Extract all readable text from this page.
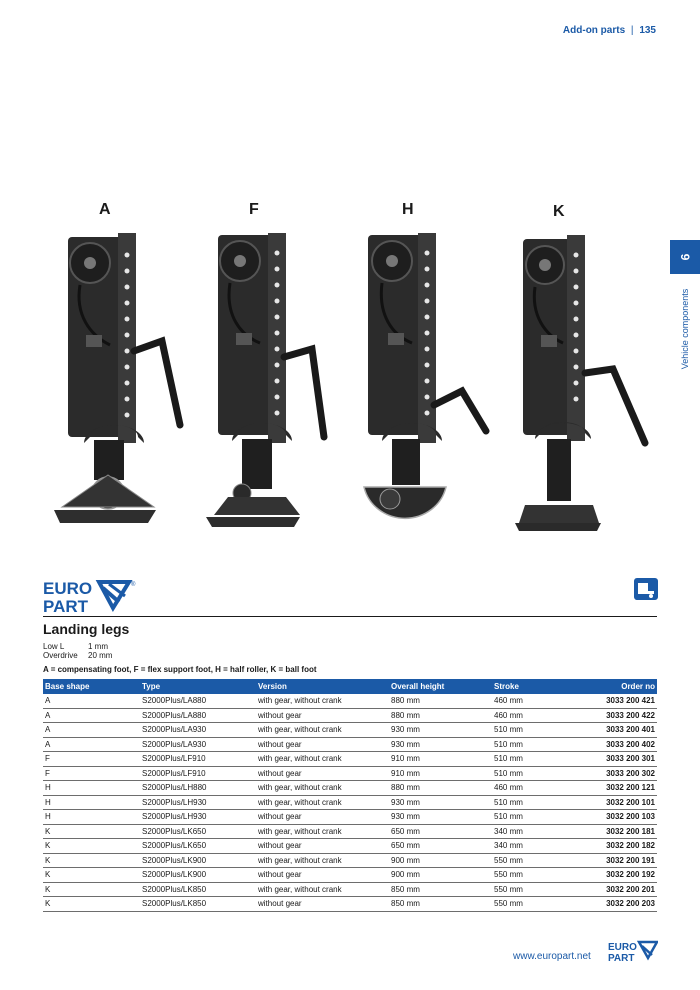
Add-on parts | 135
6
Vehicle components
A	F	H	K
EURO
PART
®
Landing legs
Low L	1 mm
Overdrive 20 mm
A = compensating foot, F = flex support foot, H = half roller, K = ball foot
Base shape	Type	Version	Overall height	Stroke	Order no
A	S2000Plus/LA880	with gear, without crank	880 mm	460 mm	3033 200 421
A	S2000Plus/LA880	without gear	880 mm	460 mm	3033 200 422
A	S2000Plus/LA930	with gear, without crank	930 mm	510 mm	3033 200 401
A	S2000Plus/LA930	without gear	930 mm	510 mm	3033 200 402
F	S2000Plus/LF910	with gear, without crank	910 mm	510 mm	3033 200 301
F	S2000Plus/LF910	without gear	910 mm	510 mm	3033 200 302
H	S2000Plus/LH880	with gear, without crank	880 mm	460 mm	3032 200 121
H	S2000Plus/LH930	with gear, without crank	930 mm	510 mm	3032 200 101
H	S2000Plus/LH930	without gear	930 mm	510 mm	3032 200 103
K	S2000Plus/LK650	with gear, without crank	650 mm	340 mm	3032 200 181
K	S2000Plus/LK650	without gear	650 mm	340 mm	3032 200 182
K	S2000Plus/LK900	with gear, without crank	900 mm	550 mm	3032 200 191
K	S2000Plus/LK900	without gear	900 mm	550 mm	3032 200 192
K	S2000Plus/LK850	with gear, without crank	850 mm	550 mm	3032 200 201
K	S2000Plus/LK850	without gear	850 mm	550 mm	3032 200 203
www.europart.net
EURO
PART
